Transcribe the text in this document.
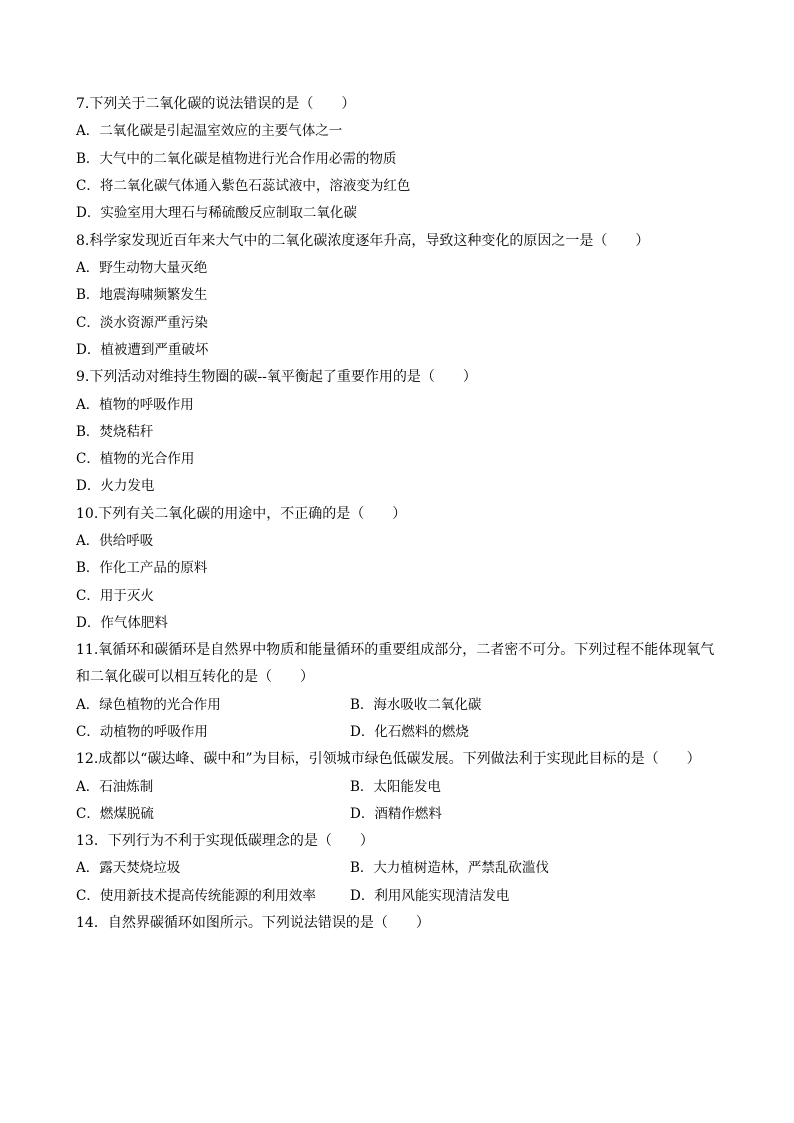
7.下列关于二氧化碳的说法错误的是（　　）
A．二氧化碳是引起温室效应的主要气体之一
B．大气中的二氧化碳是植物进行光合作用必需的物质
C．将二氧化碳气体通入紫色石蕊试液中，溶液变为红色
D．实验室用大理石与稀硫酸反应制取二氧化碳
8.科学家发现近百年来大气中的二氧化碳浓度逐年升高，导致这种变化的原因之一是（　　）
A．野生动物大量灭绝
B．地震海啸频繁发生
C．淡水资源严重污染
D．植被遭到严重破坏
9.下列活动对维持生物圈的碳--氧平衡起了重要作用的是（　　）
A．植物的呼吸作用
B．焚烧秸秆
C．植物的光合作用
D．火力发电
10.下列有关二氧化碳的用途中，不正确的是（　　）
A．供给呼吸
B．作化工产品的原料
C．用于灭火
D．作气体肥料
11.氧循环和碳循环是自然界中物质和能量循环的重要组成部分，二者密不可分。下列过程不能体现氧气
和二氧化碳可以相互转化的是（　　）
A．绿色植物的光合作用	B．海水吸收二氧化碳
C．动植物的呼吸作用	D．化石燃料的燃烧
12.成都以“碳达峰、碳中和”为目标，引领城市绿色低碳发展。下列做法利于实现此目标的是（　　）
A．石油炼制	B．太阳能发电
C．燃煤脱硫	D．酒精作燃料
13．下列行为不利于实现低碳理念的是（　　）
A．露天焚烧垃圾	B．大力植树造林，严禁乱砍滥伐
C．使用新技术提高传统能源的利用效率	D．利用风能实现清洁发电
14．自然界碳循环如图所示。下列说法错误的是（　　）
